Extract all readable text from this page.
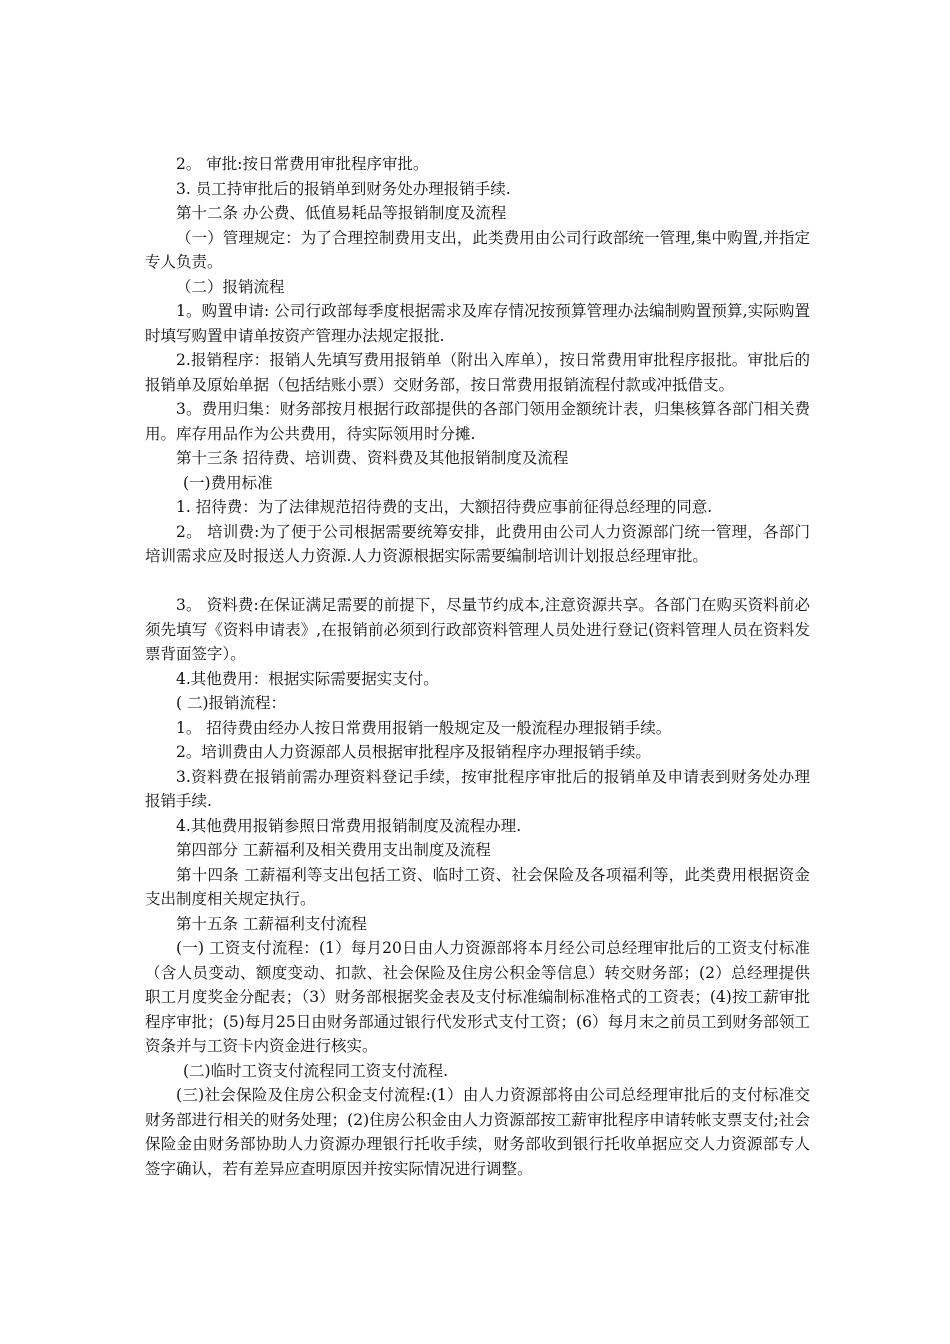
2。 审批:按日常费用审批程序审批。

3. 员工持审批后的报销单到财务处办理报销手续.

第十二条 办公费、低值易耗品等报销制度及流程

（一）管理规定：为了合理控制费用支出，此类费用由公司行政部统一管理,集中购置,并指定专人负责。

（二）报销流程

1。购置申请: 公司行政部每季度根据需求及库存情况按预算管理办法编制购置预算,实际购置时填写购置申请单按资产管理办法规定报批.

2.报销程序：报销人先填写费用报销单（附出入库单），按日常费用审批程序报批。审批后的报销单及原始单据（包括结账小票）交财务部，按日常费用报销流程付款或冲抵借支。

3。费用归集：财务部按月根据行政部提供的各部门领用金额统计表，归集核算各部门相关费用。库存用品作为公共费用，待实际领用时分摊.

第十三条 招待费、培训费、资料费及其他报销制度及流程

(一)费用标准

1. 招待费：为了法律规范招待费的支出，大额招待费应事前征得总经理的同意.

2。 培训费:为了便于公司根据需要统筹安排，此费用由公司人力资源部门统一管理，各部门培训需求应及时报送人力资源.人力资源根据实际需要编制培训计划报总经理审批。

3。 资料费:在保证满足需要的前提下，尽量节约成本,注意资源共享。各部门在购买资料前必须先填写《资料申请表》,在报销前必须到行政部资料管理人员处进行登记(资料管理人员在资料发票背面签字）。

4.其他费用：根据实际需要据实支付。

( 二)报销流程：

1。 招待费由经办人按日常费用报销一般规定及一般流程办理报销手续。

2。培训费由人力资源部人员根据审批程序及报销程序办理报销手续。

3.资料费在报销前需办理资料登记手续，按审批程序审批后的报销单及申请表到财务处办理报销手续.

4.其他费用报销参照日常费用报销制度及流程办理.

第四部分 工薪福利及相关费用支出制度及流程

第十四条 工薪福利等支出包括工资、临时工资、社会保险及各项福利等，此类费用根据资金支出制度相关规定执行。

第十五条 工薪福利支付流程

(一) 工资支付流程：(1）每月20日由人力资源部将本月经公司总经理审批后的工资支付标准（含人员变动、额度变动、扣款、社会保险及住房公积金等信息）转交财务部；(2）总经理提供职工月度奖金分配表；（3）财务部根据奖金表及支付标准编制标准格式的工资表；(4)按工薪审批程序审批；(5)每月25日由财务部通过银行代发形式支付工资；(6）每月末之前员工到财务部领工资条并与工资卡内资金进行核实。

(二)临时工资支付流程同工资支付流程.

(三)社会保险及住房公积金支付流程:(1）由人力资源部将由公司总经理审批后的支付标准交财务部进行相关的财务处理；(2)住房公积金由人力资源部按工薪审批程序申请转帐支票支付;社会保险金由财务部协助人力资源办理银行托收手续，财务部收到银行托收单据应交人力资源部专人签字确认，若有差异应查明原因并按实际情况进行调整。
